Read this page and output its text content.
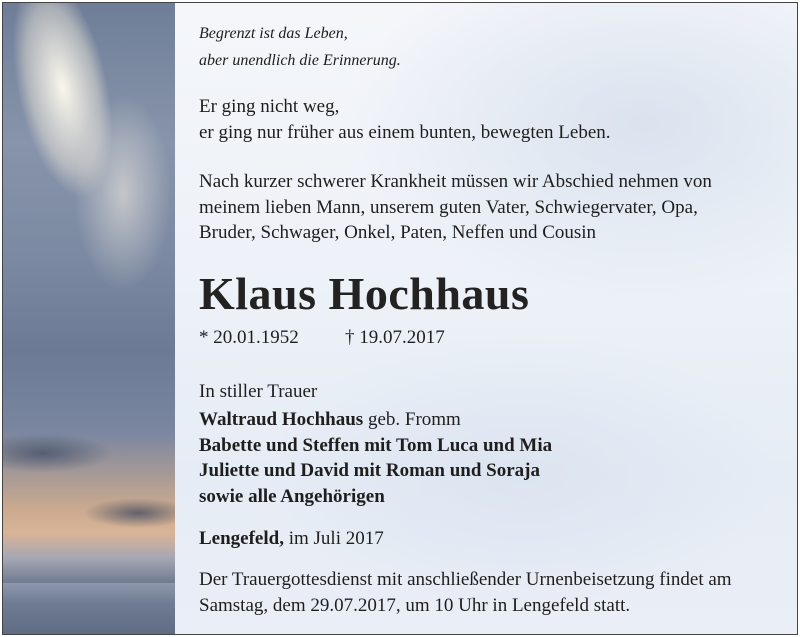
Begrenzt ist das Leben,
aber unendlich die Erinnerung.
Er ging nicht weg,
er ging nur früher aus einem bunten, bewegten Leben.
Nach kurzer schwerer Krankheit müssen wir Abschied nehmen von
meinem lieben Mann, unserem guten Vater, Schwiegervater, Opa,
Bruder, Schwager, Onkel, Paten, Neffen und Cousin
Klaus Hochhaus
* 20.01.1952 † 19.07.2017
In stiller Trauer
Waltraud Hochhaus geb. Fromm
Babette und Steffen mit Tom Luca und Mia
Juliette und David mit Roman und Soraja
sowie alle Angehörigen
Lengefeld, im Juli 2017
Der Trauergottesdienst mit anschließender Urnenbeisetzung findet am
Samstag, dem 29.07.2017, um 10 Uhr in Lengefeld statt.
